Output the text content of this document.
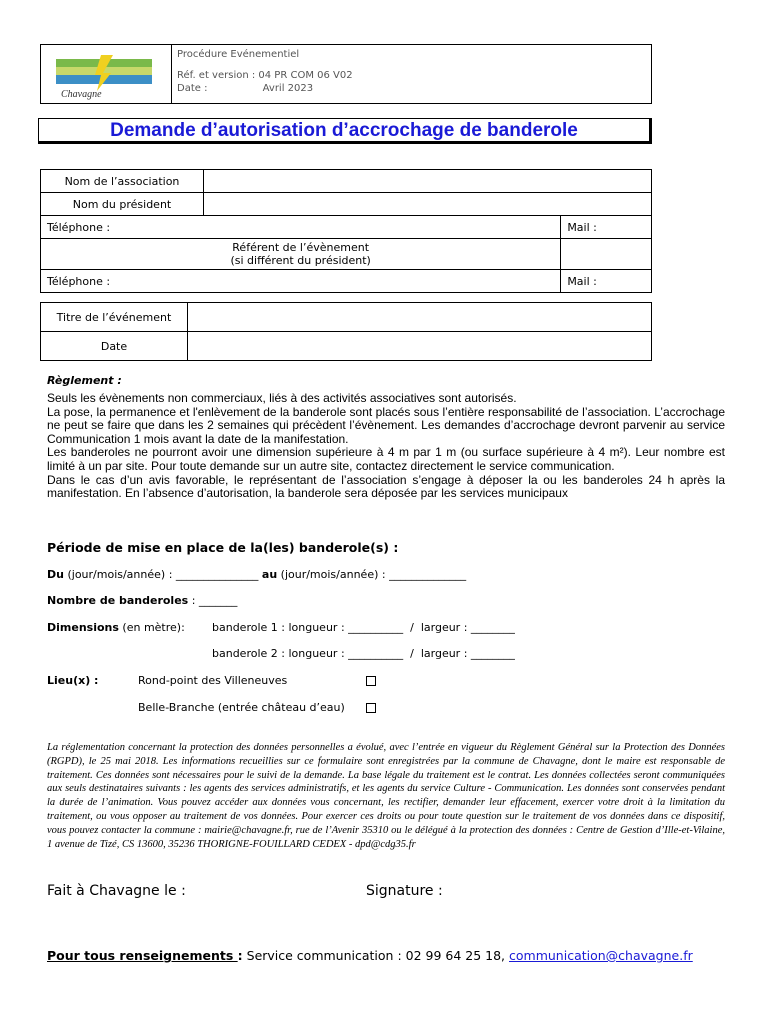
Chavagne
Procédure Evénementiel
Réf. et version : 04 PR COM 06 V02
Date :	Avril 2023
Demande d’autorisation d’accrochage de banderole
Nom de l’association		
Nom du président		
Téléphone :		Mail :

Référent de l’évènement
(si différent du président)		

Téléphone :		Mail :
Titre de l’événement	
Date	
Règlement :

Seuls les évènements non commerciaux, liés à des activités associatives sont autorisés.

La pose, la permanence et l'enlèvement de la banderole sont placés sous l’entière responsabilité de l’association. L’accrochage ne peut se faire que dans les 2 semaines qui précèdent l’évènement. Les demandes d’accrochage devront parvenir au service Communication 1 mois avant la date de la manifestation.

Les banderoles ne pourront avoir une dimension supérieure à 4 m par 1 m (ou surface supérieure à 4 m²). Leur nombre est limité à un par site. Pour toute demande sur un autre site, contactez directement le service communication.

Dans le cas d’un avis favorable, le représentant de l’association s’engage à déposer la ou les banderoles 24 h après la manifestation. En l’absence d’autorisation, la banderole sera déposée par les services municipaux

Période de mise en place de la(les) banderole(s) :
Du (jour/mois/année) : _______________ au (jour/mois/année) : ______________
Nombre de banderoles : _______
Dimensions (en mètre): banderole 1 : longueur : __________  /  largeur : ________
banderole 2 : longueur : __________  /  largeur : ________
Lieu(x) :	Rond-point des Villeneuves
Belle-Branche (entrée château d’eau)
La réglementation concernant la protection des données personnelles a évolué, avec l’entrée en vigueur du Règlement Général sur la Protection des Données (RGPD), le 25 mai 2018. Les informations recueillies sur ce formulaire sont enregistrées par la commune de Chavagne, dont le maire est responsable de traitement. Ces données sont nécessaires pour le suivi de la demande. La base légale du traitement est le contrat. Les données collectées seront communiquées aux seuls destinataires suivants : les agents des services administratifs, et les agents du service Culture - Communication. Les données sont conservées pendant la durée de l’animation. Vous pouvez accéder aux données vous concernant, les rectifier, demander leur effacement, exercer votre droit à la limitation du traitement, ou vous opposer au traitement de vos données. Pour exercer ces droits ou pour toute question sur le traitement de vos données dans ce dispositif, vous pouvez contacter la commune : mairie@chavagne.fr, rue de l’Avenir 35310 ou le délégué à la protection des données : Centre de Gestion d’Ille-et-Vilaine, 1 avenue de Tizé, CS 13600, 35236 THORIGNE-FOUILLARD CEDEX - dpd@cdg35.fr
Fait à Chavagne le :	Signature :
Pour tous renseignements : Service communication : 02 99 64 25 18, communication@chavagne.fr
